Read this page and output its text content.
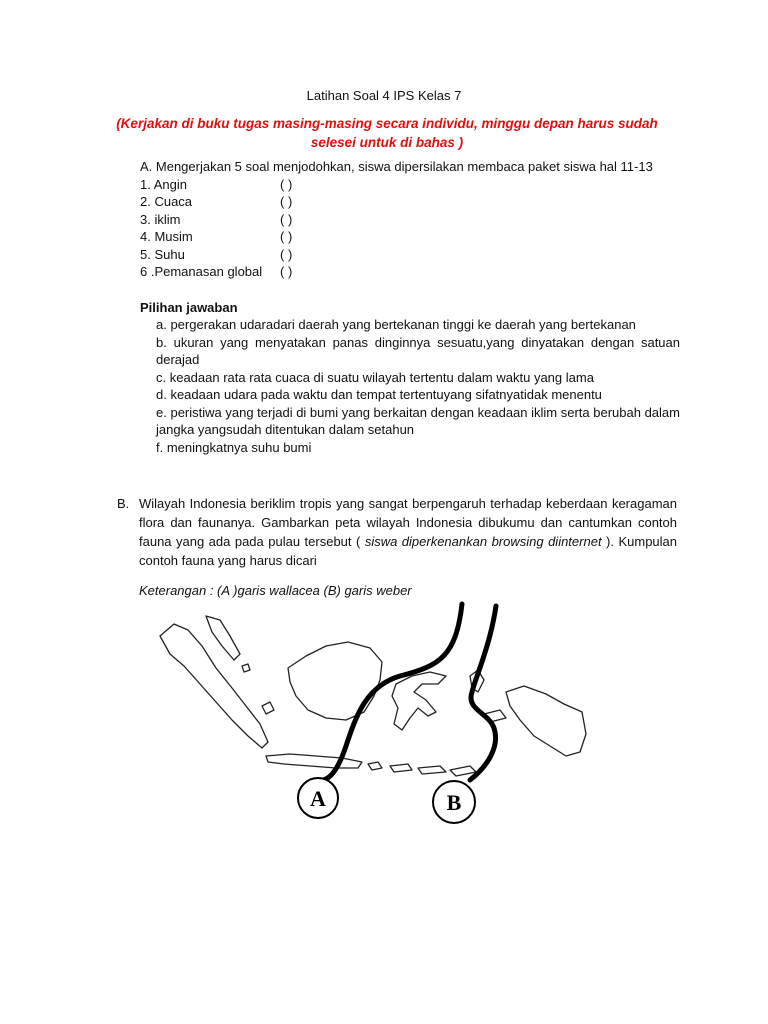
Latihan Soal 4 IPS Kelas 7
(Kerjakan di buku tugas masing-masing secara individu, minggu depan harus sudah selesei untuk di bahas )
A. Mengerjakan 5 soal menjodohkan, siswa dipersilakan membaca paket siswa hal 11-13
1. Angin	( )
2. Cuaca	( )
3. iklim	( )
4. Musim	( )
5. Suhu	( )
6 .Pemanasan global	( )
Pilihan jawaban
a. pergerakan udaradari daerah yang bertekanan tinggi ke daerah yang bertekanan
b. ukuran yang menyatakan panas dinginnya sesuatu,yang dinyatakan dengan satuan derajad
c. keadaan rata rata cuaca di suatu wilayah tertentu dalam waktu yang lama
d. keadaan udara pada waktu dan tempat tertentuyang sifatnyatidak menentu
e. peristiwa yang terjadi di bumi yang berkaitan dengan keadaan iklim serta berubah dalam jangka yangsudah ditentukan dalam setahun
f. meningkatnya suhu bumi
B. Wilayah Indonesia beriklim tropis yang sangat berpengaruh terhadap keberdaan keragaman flora dan faunanya. Gambarkan peta wilayah Indonesia dibukumu dan cantumkan contoh fauna yang ada pada pulau tersebut ( siswa diperkenankan browsing diinternet ). Kumpulan contoh fauna yang harus dicari
Keterangan : (A )garis wallacea (B) garis weber
A	B
